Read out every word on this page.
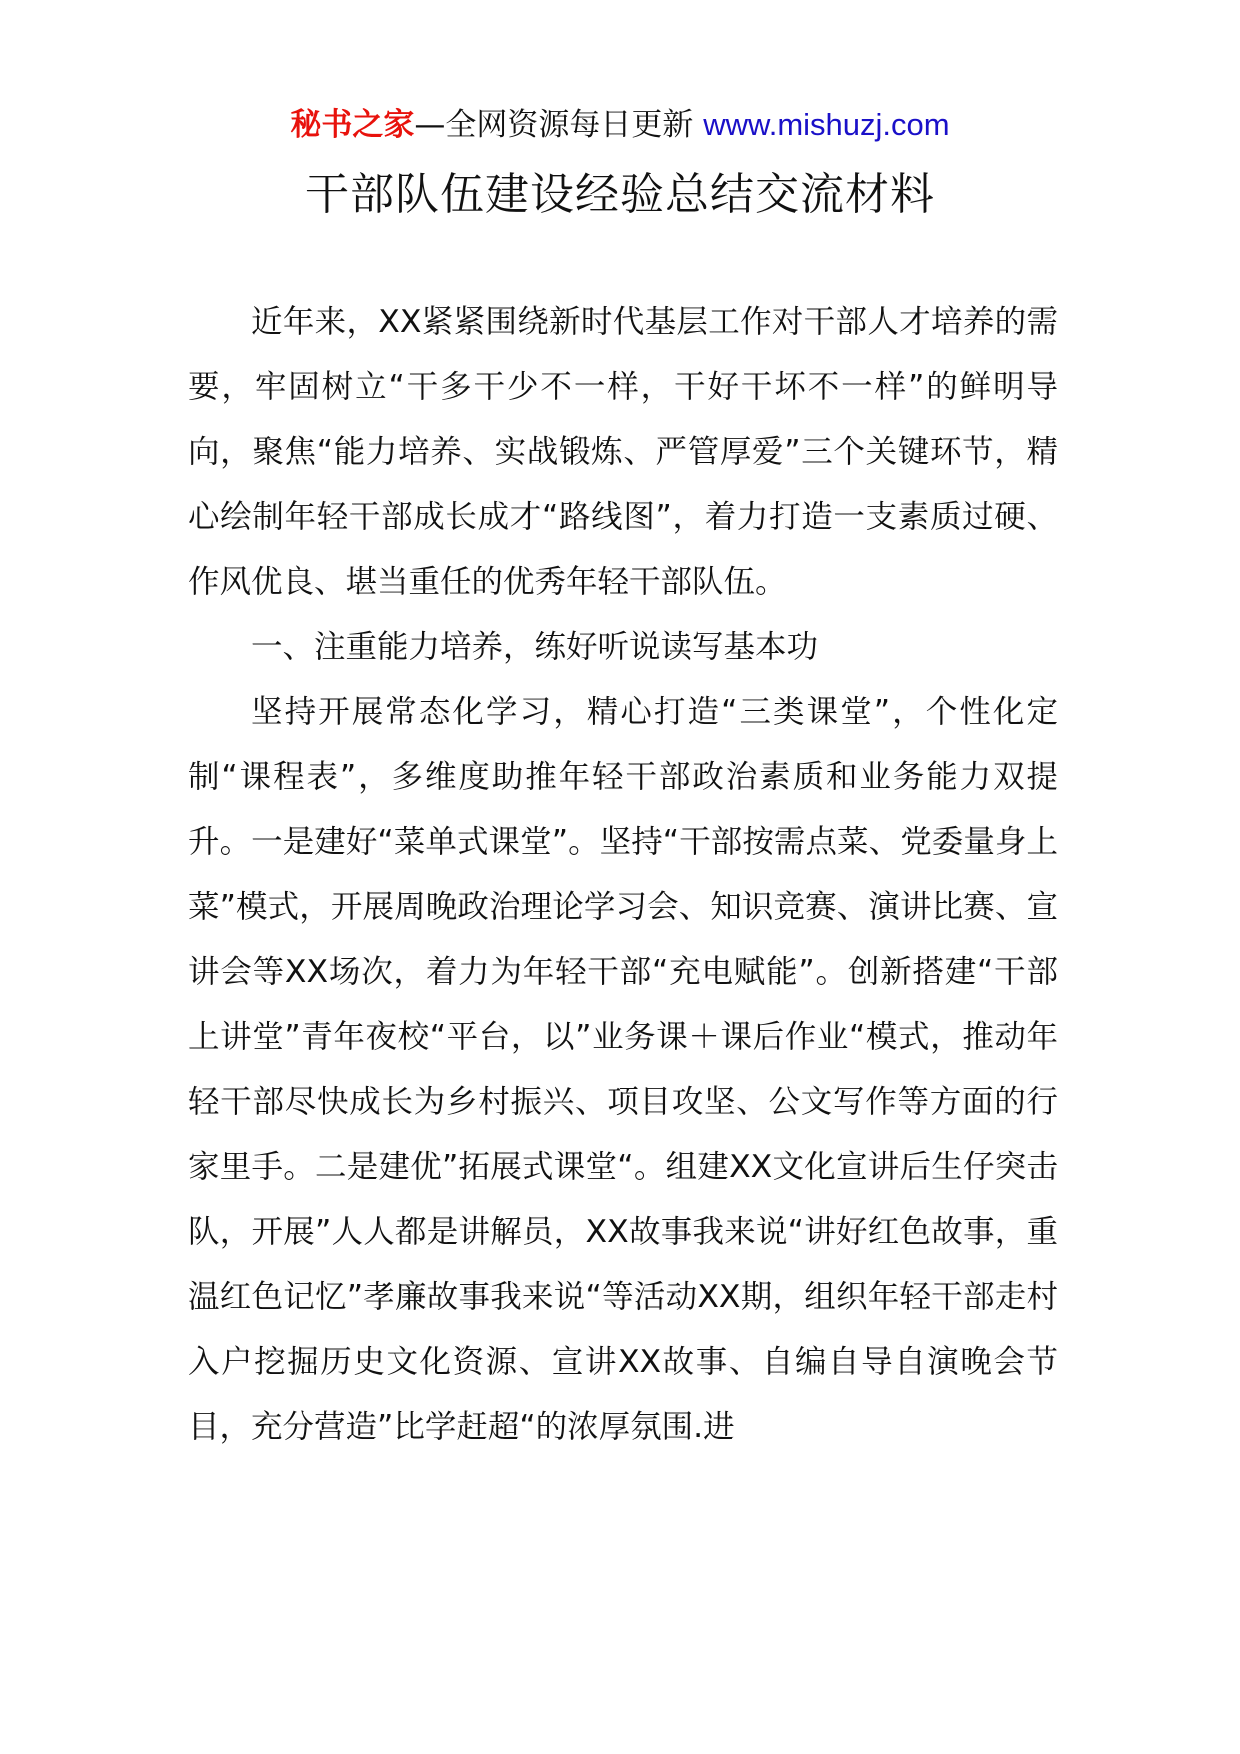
秘书之家—全网资源每日更新 www.mishuzj.com
干部队伍建设经验总结交流材料

近年来，XX紧紧围绕新时代基层工作对干部人才培养的需要，牢固树立“干多干少不一样，干好干坏不一样”的鲜明导向，聚焦“能力培养、实战锻炼、严管厚爱”三个关键环节，精心绘制年轻干部成长成才“路线图”，着力打造一支素质过硬、作风优良、堪当重任的优秀年轻干部队伍。

一、注重能力培养，练好听说读写基本功

坚持开展常态化学习，精心打造“三类课堂”，个性化定制“课程表”，多维度助推年轻干部政治素质和业务能力双提升。一是建好“菜单式课堂”。坚持“干部按需点菜、党委量身上菜”模式，开展周晚政治理论学习会、知识竞赛、演讲比赛、宣讲会等XX场次，着力为年轻干部“充电赋能”。创新搭建“干部上讲堂”青年夜校“平台，以”业务课＋课后作业“模式，推动年轻干部尽快成长为乡村振兴、项目攻坚、公文写作等方面的行家里手。二是建优”拓展式课堂“。组建XX文化宣讲后生仔突击队，开展”人人都是讲解员，XX故事我来说“讲好红色故事，重温红色记忆”孝廉故事我来说“等活动XX期，组织年轻干部走村入户挖掘历史文化资源、宣讲XX故事、自编自导自演晚会节目，充分营造”比学赶超“的浓厚氛围.进
